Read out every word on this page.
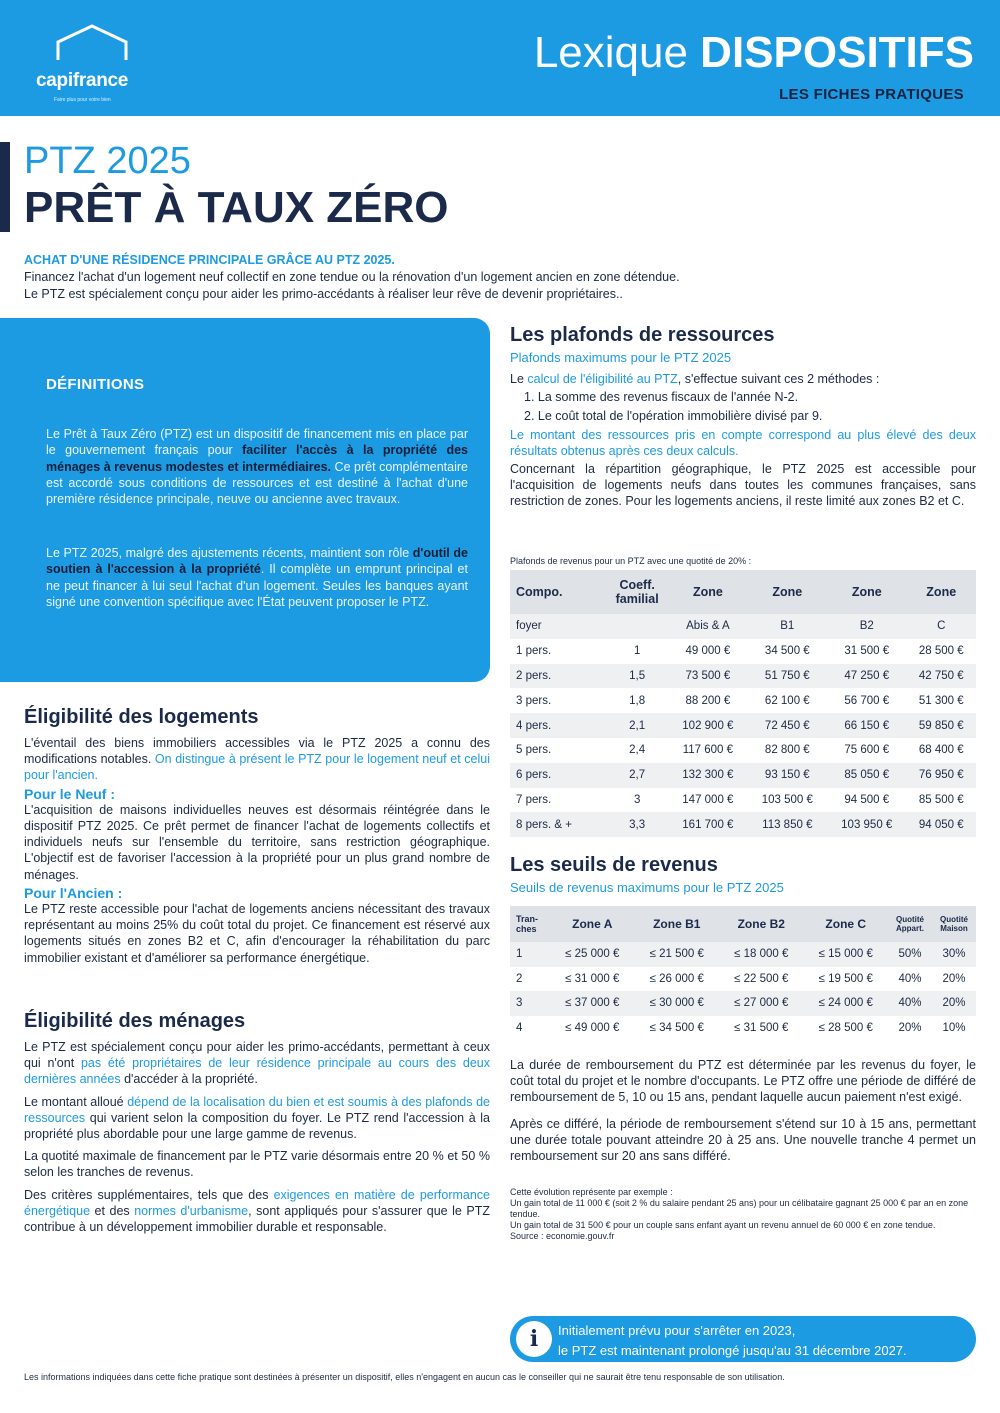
capifrance
Faire plus pour votre bien
Lexique DISPOSITIFS
LES FICHES PRATIQUES
PTZ 2025
PRÊT À TAUX ZÉRO
ACHAT D'UNE RÉSIDENCE PRINCIPALE GRÂCE AU PTZ 2025.
Financez l'achat d'un logement neuf collectif en zone tendue ou la rénovation d'un logement ancien en zone détendue.
Le PTZ est spécialement conçu pour aider les primo-accédants à réaliser leur rêve de devenir propriétaires..
DÉFINITIONS
Le Prêt à Taux Zéro (PTZ) est un dispositif de financement mis en place par le gouvernement français pour faciliter l'accès à la propriété des ménages à revenus modestes et intermédiaires. Ce prêt complémentaire est accordé sous conditions de ressources et est destiné à l'achat d'une première résidence principale, neuve ou ancienne avec travaux.
Le PTZ 2025, malgré des ajustements récents, maintient son rôle d'outil de soutien à l'accession à la propriété. Il complète un emprunt principal et ne peut financer à lui seul l'achat d'un logement. Seules les banques ayant signé une convention spécifique avec l'État peuvent proposer le PTZ.
Éligibilité des logements
L'éventail des biens immobiliers accessibles via le PTZ 2025 a connu des modifications notables. On distingue à présent le PTZ pour le logement neuf et celui pour l'ancien.
Pour le Neuf :
L'acquisition de maisons individuelles neuves est désormais réintégrée dans le dispositif PTZ 2025. Ce prêt permet de financer l'achat de logements collectifs et individuels neufs sur l'ensemble du territoire, sans restriction géographique. L'objectif est de favoriser l'accession à la propriété pour un plus grand nombre de ménages.
Pour l'Ancien :
Le PTZ reste accessible pour l'achat de logements anciens nécessitant des travaux représentant au moins 25% du coût total du projet. Ce financement est réservé aux logements situés en zones B2 et C, afin d'encourager la réhabilitation du parc immobilier existant et d'améliorer sa performance énergétique.
Éligibilité des ménages
Le PTZ est spécialement conçu pour aider les primo-accédants, permettant à ceux qui n'ont pas été propriétaires de leur résidence principale au cours des deux dernières années d'accéder à la propriété.
Le montant alloué dépend de la localisation du bien et est soumis à des plafonds de ressources qui varient selon la composition du foyer. Le PTZ rend l'accession à la propriété plus abordable pour une large gamme de revenus.
La quotité maximale de financement par le PTZ varie désormais entre 20 % et 50 % selon les tranches de revenus.
Des critères supplémentaires, tels que des exigences en matière de performance énergétique et des normes d'urbanisme, sont appliqués pour s'assurer que le PTZ contribue à un développement immobilier durable et responsable.
Les plafonds de ressources
Plafonds maximums pour le PTZ 2025
Le calcul de l'éligibilité au PTZ, s'effectue suivant ces 2 méthodes :
1. La somme des revenus fiscaux de l'année N-2.
2. Le coût total de l'opération immobilière divisé par 9.
Le montant des ressources pris en compte correspond au plus élevé des deux résultats obtenus après ces deux calculs.
Concernant la répartition géographique, le PTZ 2025 est accessible pour l'acquisition de logements neufs dans toutes les communes françaises, sans restriction de zones. Pour les logements anciens, il reste limité aux zones B2 et C.
Plafonds de revenus pour un PTZ avec une quotité de 20% :
Compo.	Coeff. familial	Zone	Zone	Zone	Zone
foyer		Abis & A	B1	B2	C
1 pers.	1	49 000 €	34 500 €	31 500 €	28 500 €
2 pers.	1,5	73 500 €	51 750 €	47 250 €	42 750 €
3 pers.	1,8	88 200 €	62 100 €	56 700 €	51 300 €
4 pers.	2,1	102 900 €	72 450 €	66 150 €	59 850 €
5 pers.	2,4	117 600 €	82 800 €	75 600 €	68 400 €
6 pers.	2,7	132 300 €	93 150 €	85 050 €	76 950 €
7 pers.	3	147 000 €	103 500 €	94 500 €	85 500 €
8 pers. & +	3,3	161 700 €	113 850 €	103 950 €	94 050 €
Les seuils de revenus
Seuils de revenus maximums pour le PTZ 2025
Tran-ches	Zone A	Zone B1	Zone B2	Zone C	Quotité Appart.	Quotité Maison
1	≤ 25 000 €	≤ 21 500 €	≤ 18 000 €	≤ 15 000 €	50%	30%
2	≤ 31 000 €	≤ 26 000 €	≤ 22 500 €	≤ 19 500 €	40%	20%
3	≤ 37 000 €	≤ 30 000 €	≤ 27 000 €	≤ 24 000 €	40%	20%
4	≤ 49 000 €	≤ 34 500 €	≤ 31 500 €	≤ 28 500 €	20%	10%
La durée de remboursement du PTZ est déterminée par les revenus du foyer, le coût total du projet et le nombre d'occupants. Le PTZ offre une période de différé de remboursement de 5, 10 ou 15 ans, pendant laquelle aucun paiement n'est exigé.
Après ce différé, la période de remboursement s'étend sur 10 à 15 ans, permettant une durée totale pouvant atteindre 20 à 25 ans. Une nouvelle tranche 4 permet un remboursement sur 20 ans sans différé.
Cette évolution représente par exemple :
Un gain total de 11 000 € (soit 2 % du salaire pendant 25 ans) pour un célibataire gagnant 25 000 € par an en zone tendue.
Un gain total de 31 500 € pour un couple sans enfant ayant un revenu annuel de 60 000 € en zone tendue.
Source : economie.gouv.fr
i	Initialement prévu pour s'arrêter en 2023,
le PTZ est maintenant prolongé jusqu'au 31 décembre 2027.
Les informations indiquées dans cette fiche pratique sont destinées à présenter un dispositif, elles n'engagent en aucun cas le conseiller qui ne saurait être tenu responsable de son utilisation.
